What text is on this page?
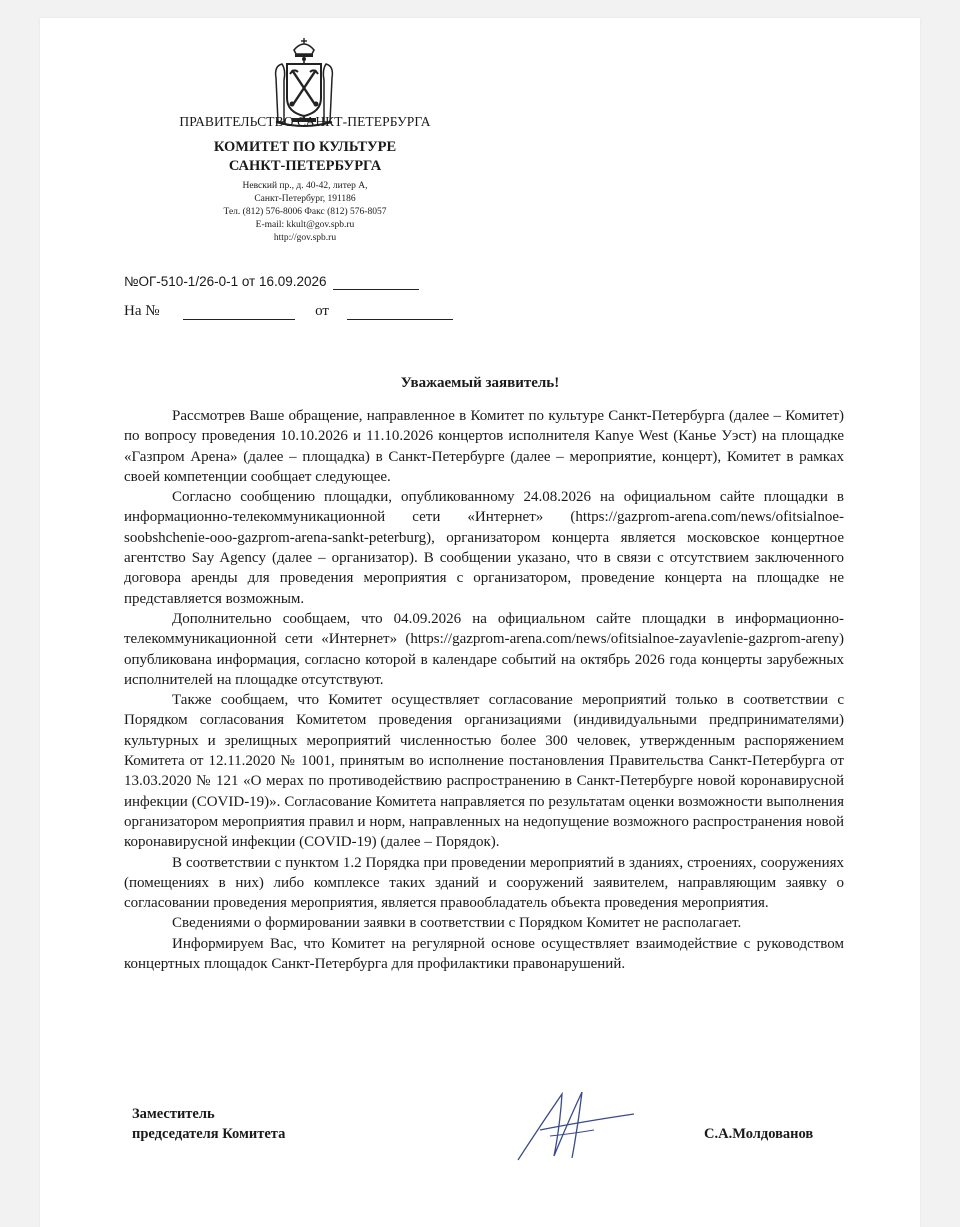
ПРАВИТЕЛЬСТВО САНКТ-ПЕТЕРБУРГА
КОМИТЕТ ПО КУЛЬТУРЕ
САНКТ-ПЕТЕРБУРГА
Невский пр., д. 40-42, литер А,
Санкт-Петербург, 191186
Тел. (812) 576-8006 Факс (812) 576-8057
E-mail: kkult@gov.spb.ru
http://gov.spb.ru
№ОГ-510-1/26-0-1 от 16.09.2026
На №	от
Уважаемый заявитель!

Рассмотрев Ваше обращение, направленное в Комитет по культуре Санкт-Петербурга (далее – Комитет) по вопросу проведения 10.10.2026 и 11.10.2026 концертов исполнителя Kanye West (Канье Уэст) на площадке «Газпром Арена» (далее – площадка) в Санкт-Петербурге (далее – мероприятие, концерт), Комитет в рамках своей компетенции сообщает следующее.

Согласно сообщению площадки, опубликованному 24.08.2026 на официальном сайте площадки в информационно-телекоммуникационной сети «Интернет» (https://gazprom-arena.com/news/ofitsialnoe-soobshchenie-ooo-gazprom-arena-sankt-peterburg), организатором концерта является московское концертное агентство Say Agency (далее – организатор). В сообщении указано, что в связи с отсутствием заключенного договора аренды для проведения мероприятия с организатором, проведение концерта на площадке не представляется возможным.

Дополнительно сообщаем, что 04.09.2026 на официальном сайте площадки в информационно-телекоммуникационной сети «Интернет» (https://gazprom-arena.com/news/ofitsialnoe-zayavlenie-gazprom-areny) опубликована информация, согласно которой в календаре событий на октябрь 2026 года концерты зарубежных исполнителей на площадке отсутствуют.

Также сообщаем, что Комитет осуществляет согласование мероприятий только в соответствии с Порядком согласования Комитетом проведения организациями (индивидуальными предпринимателями) культурных и зрелищных мероприятий численностью более 300 человек, утвержденным распоряжением Комитета от 12.11.2020 № 1001, принятым во исполнение постановления Правительства Санкт-Петербурга от 13.03.2020 № 121 «О мерах по противодействию распространению в Санкт-Петербурге новой коронавирусной инфекции (COVID-19)». Согласование Комитета направляется по результатам оценки возможности выполнения организатором мероприятия правил и норм, направленных на недопущение возможного распространения новой коронавирусной инфекции (COVID-19) (далее – Порядок).

В соответствии с пунктом 1.2 Порядка при проведении мероприятий в зданиях, строениях, сооружениях (помещениях в них) либо комплексе таких зданий и сооружений заявителем, направляющим заявку о согласовании проведения мероприятия, является правообладатель объекта проведения мероприятия.

Сведениями о формировании заявки в соответствии с Порядком Комитет не располагает.

Информируем Вас, что Комитет на регулярной основе осуществляет взаимодействие с руководством концертных площадок Санкт-Петербурга для профилактики правонарушений.

Заместитель
председателя Комитета	С.А.Молдованов
